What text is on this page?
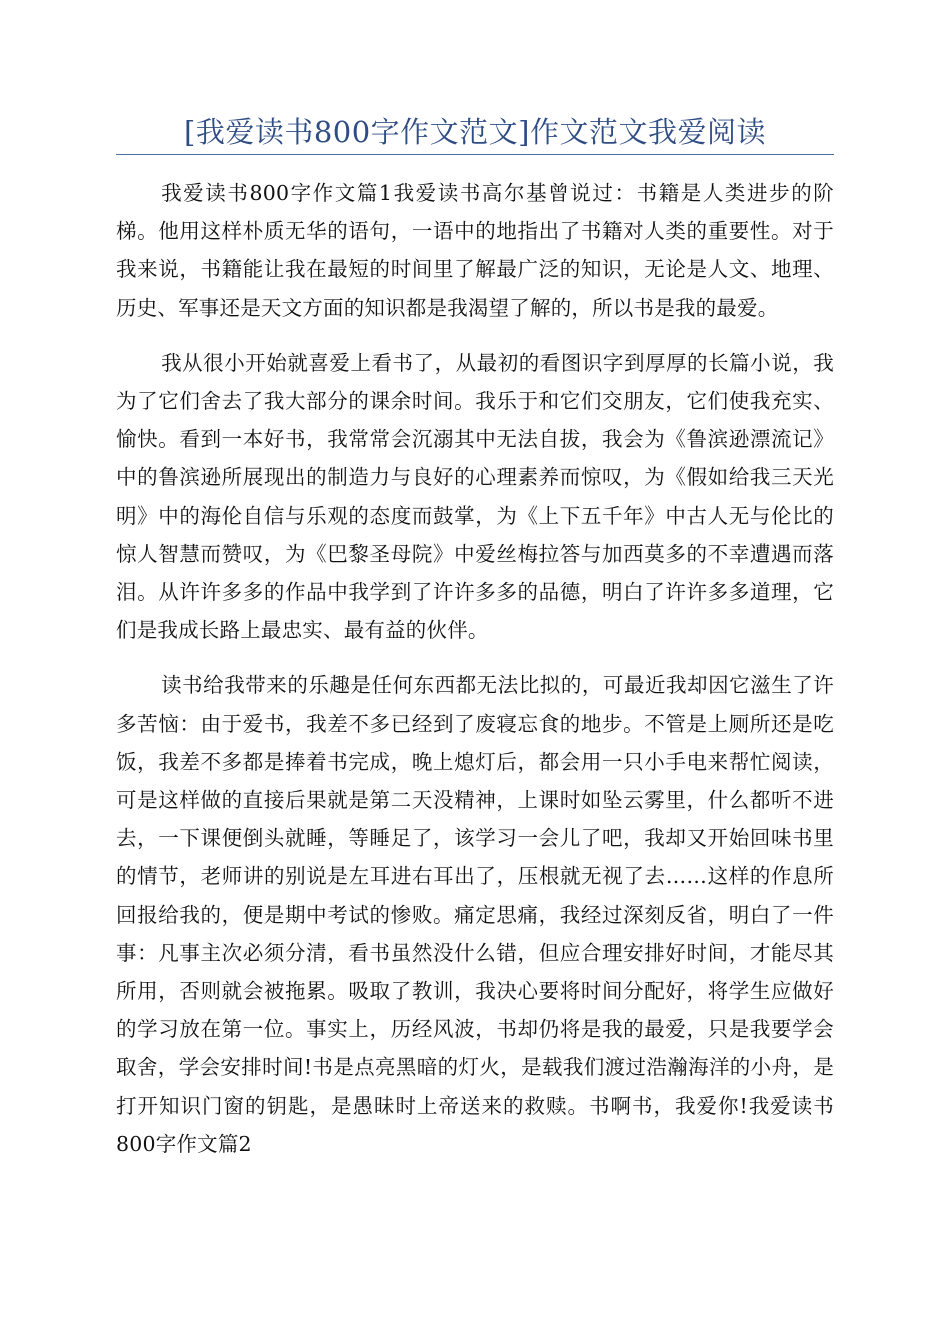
[我爱读书800字作文范文]作文范文我爱阅读

我爱读书800字作文篇1我爱读书高尔基曾说过：书籍是人类进步的阶梯。他用这样朴质无华的语句，一语中的地指出了书籍对人类的重要性。对于我来说，书籍能让我在最短的时间里了解最广泛的知识，无论是人文、地理、历史、军事还是天文方面的知识都是我渴望了解的，所以书是我的最爱。

我从很小开始就喜爱上看书了，从最初的看图识字到厚厚的长篇小说，我为了它们舍去了我大部分的课余时间。我乐于和它们交朋友，它们使我充实、愉快。看到一本好书，我常常会沉溺其中无法自拔，我会为《鲁滨逊漂流记》中的鲁滨逊所展现出的制造力与良好的心理素养而惊叹，为《假如给我三天光明》中的海伦自信与乐观的态度而鼓掌，为《上下五千年》中古人无与伦比的惊人智慧而赞叹，为《巴黎圣母院》中爱丝梅拉答与加西莫多的不幸遭遇而落泪。从许许多多的作品中我学到了许许多多的品德，明白了许许多多道理，它们是我成长路上最忠实、最有益的伙伴。

读书给我带来的乐趣是任何东西都无法比拟的，可最近我却因它滋生了许多苦恼：由于爱书，我差不多已经到了废寝忘食的地步。不管是上厕所还是吃饭，我差不多都是捧着书完成，晚上熄灯后，都会用一只小手电来帮忙阅读，可是这样做的直接后果就是第二天没精神，上课时如坠云雾里，什么都听不进去，一下课便倒头就睡，等睡足了，该学习一会儿了吧，我却又开始回味书里的情节，老师讲的别说是左耳进右耳出了，压根就无视了去……这样的作息所回报给我的，便是期中考试的惨败。痛定思痛，我经过深刻反省，明白了一件事：凡事主次必须分清，看书虽然没什么错，但应合理安排好时间，才能尽其所用，否则就会被拖累。吸取了教训，我决心要将时间分配好，将学生应做好的学习放在第一位。事实上，历经风波，书却仍将是我的最爱，只是我要学会取舍，学会安排时间!书是点亮黑暗的灯火，是载我们渡过浩瀚海洋的小舟，是打开知识门窗的钥匙，是愚昧时上帝送来的救赎。书啊书，我爱你!我爱读书800字作文篇2
